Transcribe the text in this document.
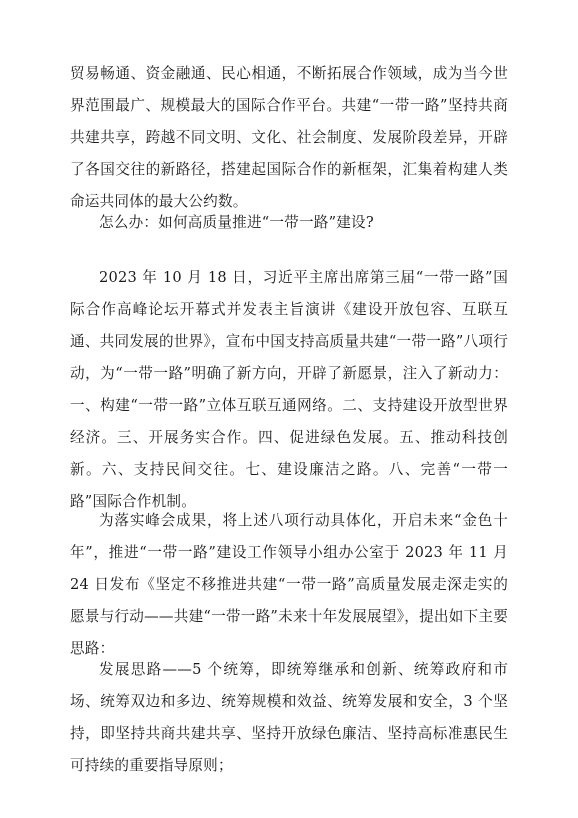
贸易畅通、资金融通、民心相通，不断拓展合作领域，成为当今世界范围最广、规模最大的国际合作平台。共建“一带一路”坚持共商共建共享，跨越不同文明、文化、社会制度、发展阶段差异，开辟了各国交往的新路径，搭建起国际合作的新框架，汇集着构建人类命运共同体的最大公约数。

怎么办：如何高质量推进“一带一路”建设?

2023 年 10 月 18 日，习近平主席出席第三届“一带一路”国际合作高峰论坛开幕式并发表主旨演讲《建设开放包容、互联互通、共同发展的世界》，宣布中国支持高质量共建“一带一路”八项行动，为“一带一路”明确了新方向，开辟了新愿景，注入了新动力：一、构建“一带一路”立体互联互通网络。二、支持建设开放型世界经济。三、开展务实合作。四、促进绿色发展。五、推动科技创新。六、支持民间交往。七、建设廉洁之路。八、完善“一带一路”国际合作机制。

为落实峰会成果，将上述八项行动具体化，开启未来“金色十年”，推进“一带一路”建设工作领导小组办公室于 2023 年 11 月 24 日发布《坚定不移推进共建“一带一路”高质量发展走深走实的愿景与行动——共建“一带一路”未来十年发展展望》，提出如下主要思路：

发展思路——5 个统筹，即统筹继承和创新、统筹政府和市场、统筹双边和多边、统筹规模和效益、统筹发展和安全，3 个坚持，即坚持共商共建共享、坚持开放绿色廉洁、坚持高标准惠民生可持续的重要指导原则；
